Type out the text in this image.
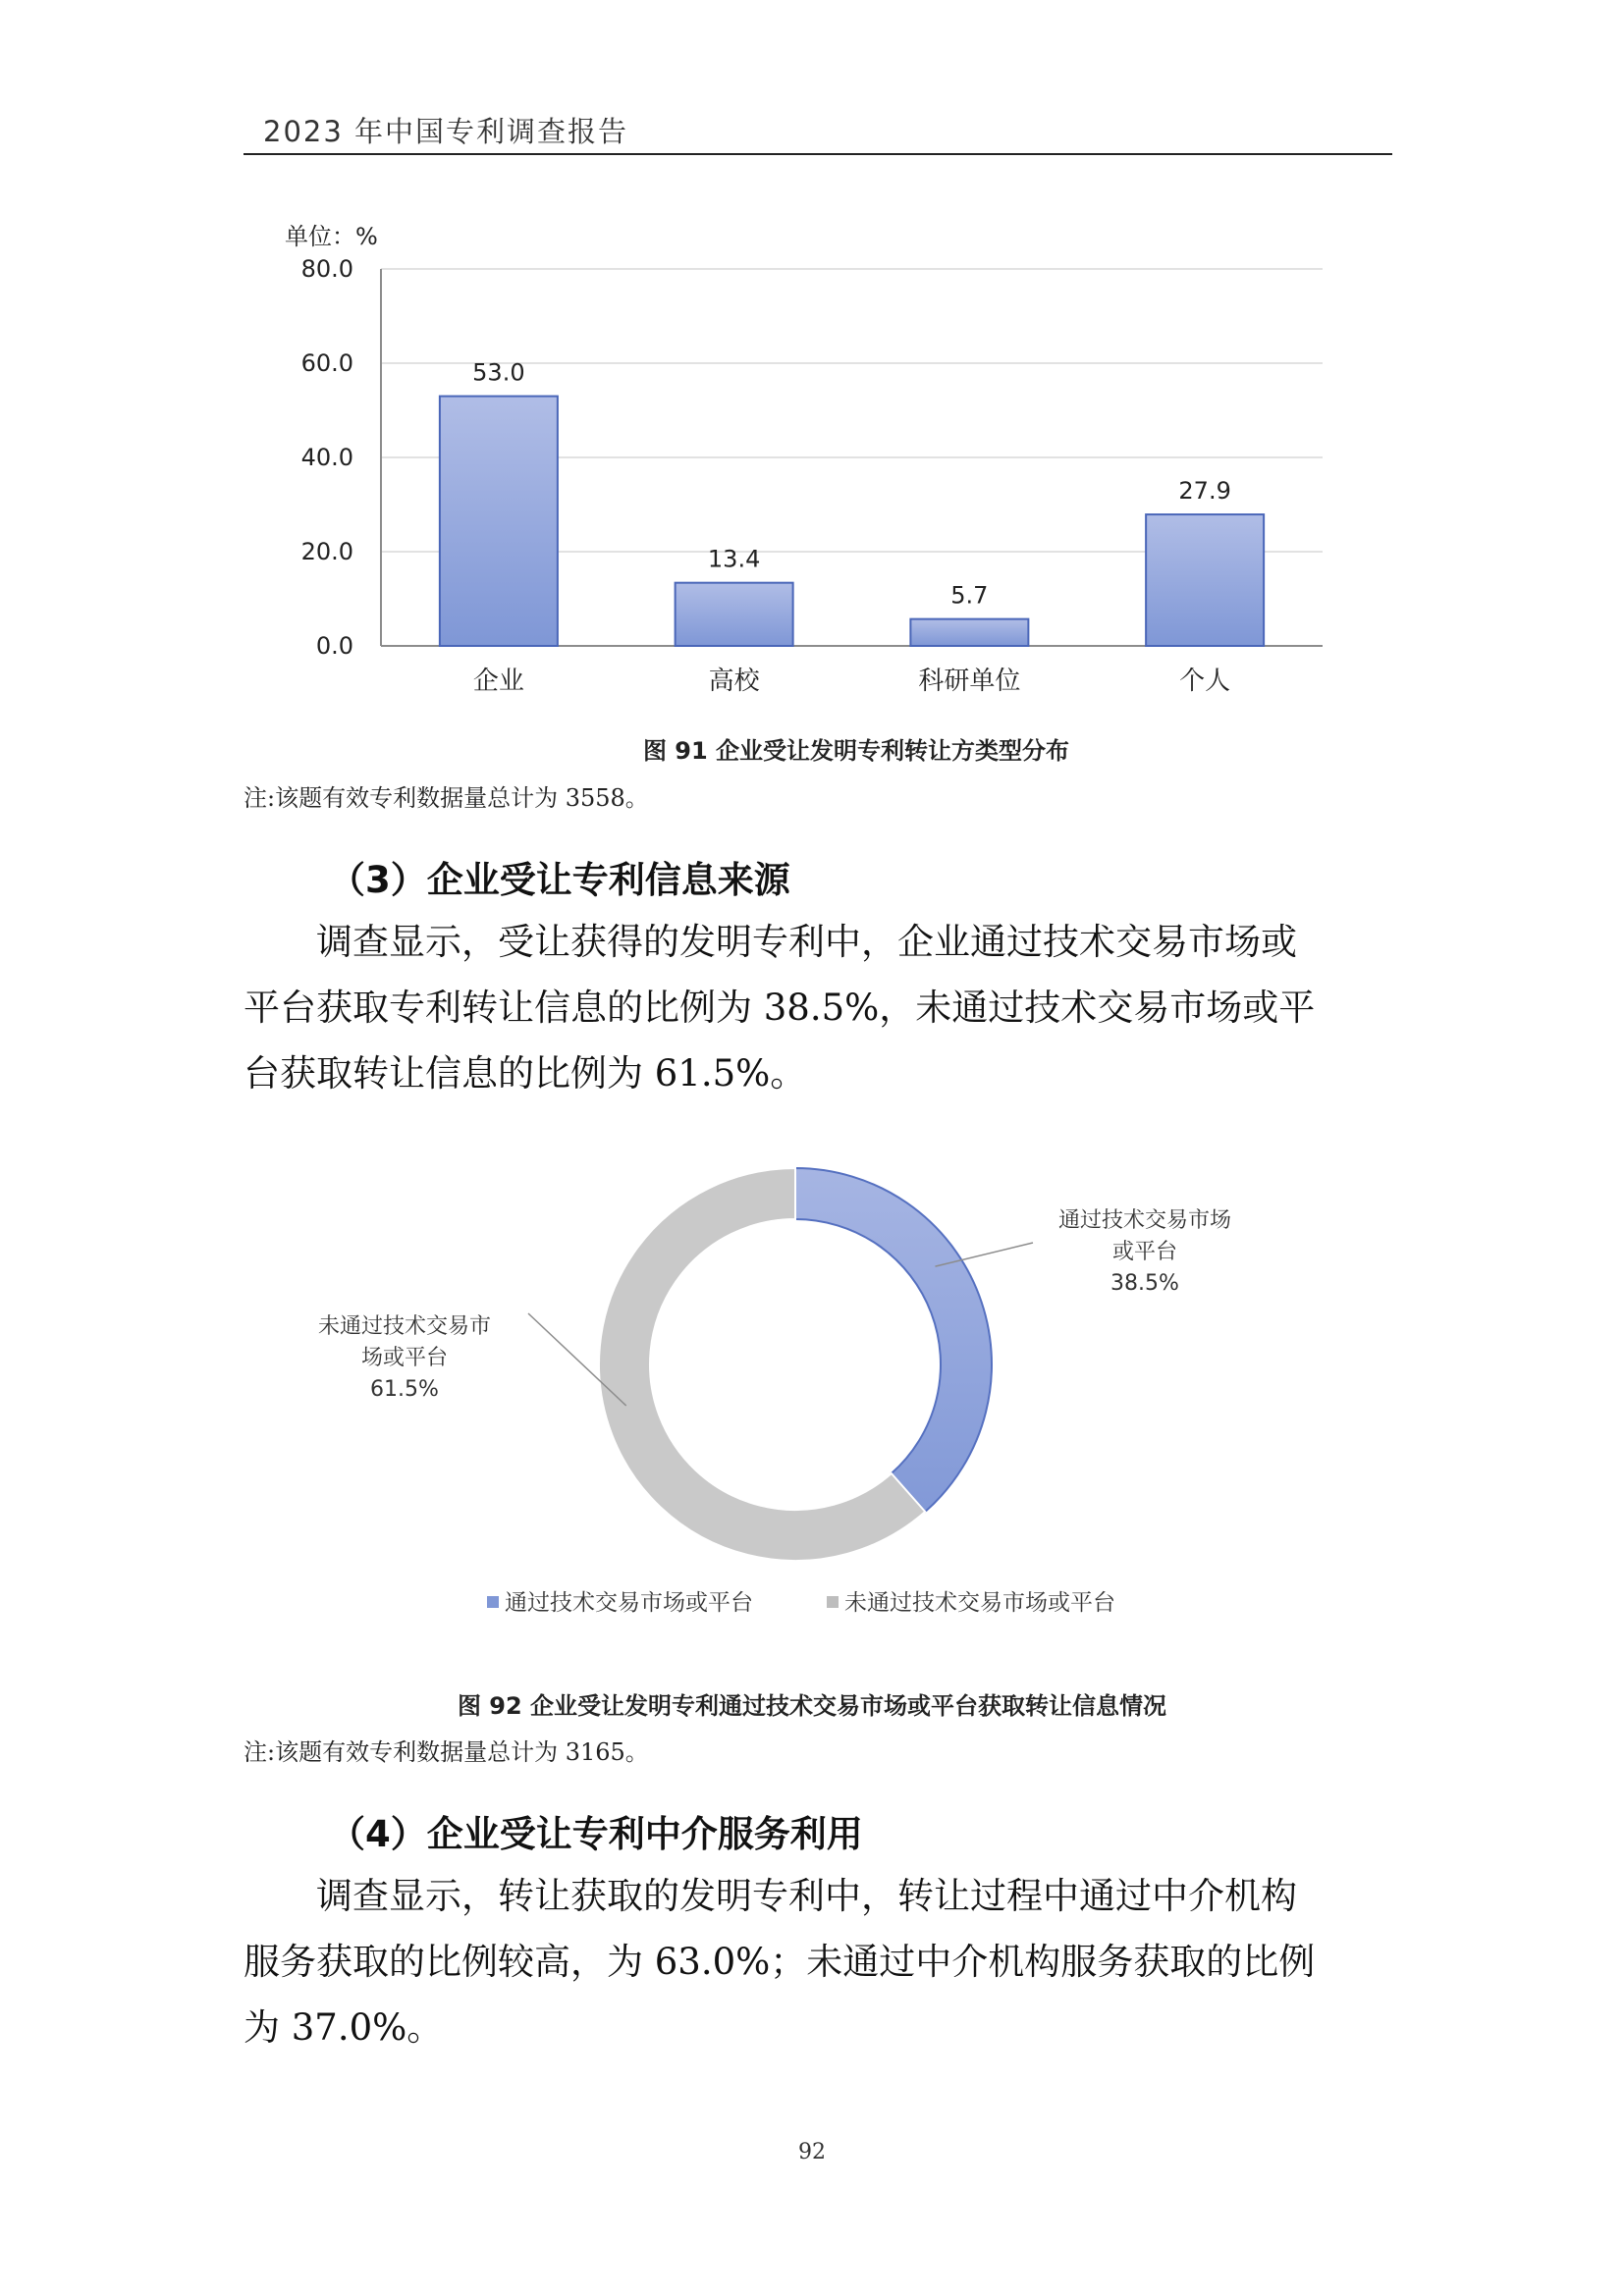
2023 年中国专利调查报告
单位：%
0.0
20.0
40.0
60.0
80.0
53.0
企业
13.4
高校
5.7
科研单位
27.9
个人
图 91 企业受让发明专利转让方类型分布
注:该题有效专利数据量总计为 3558。
（3）企业受让专利信息来源
调查显示，受让获得的发明专利中，企业通过技术交易市场或
平台获取专利转让信息的比例为 38.5%，未通过技术交易市场或平
台获取转让信息的比例为 61.5%。
通过技术交易市场
或平台
38.5%
未通过技术交易市
场或平台
61.5%
通过技术交易市场或平台	未通过技术交易市场或平台
图 92 企业受让发明专利通过技术交易市场或平台获取转让信息情况
注:该题有效专利数据量总计为 3165。
（4）企业受让专利中介服务利用
调查显示，转让获取的发明专利中，转让过程中通过中介机构
服务获取的比例较高，为 63.0%；未通过中介机构服务获取的比例
为 37.0%。
92
